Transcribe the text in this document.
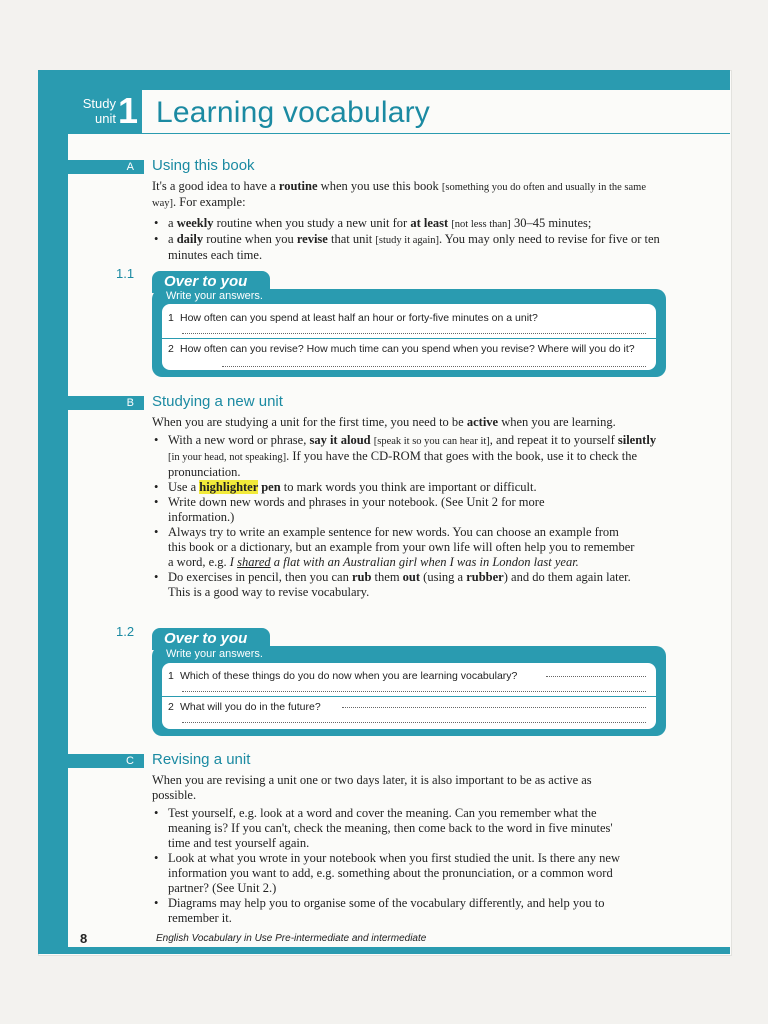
Study
unit 1 Learning vocabulary
A	Using this book

It's a good idea to have a routine when you use this book [something you do often and usually in the same way]. For example:

• a weekly routine when you study a new unit for at least [not less than] 30–45 minutes;
• a daily routine when you revise that unit [study it again]. You may only need to revise for five or ten minutes each time.
1.1	Over to you
Write your answers.
1 How often can you spend at least half an hour or forty-five minutes on a unit?
2 How often can you revise? How much time can you spend when you revise? Where will you do it?
B	Studying a new unit

When you are studying a unit for the first time, you need to be active when you are learning.

• With a new word or phrase, say it aloud [speak it so you can hear it], and repeat it to yourself silently [in your head, not speaking]. If you have the CD-ROM that goes with the book, use it to check the pronunciation.
• Use a highlighter pen to mark words you think are important or difficult.
• Write down new words and phrases in your notebook. (See Unit 2 for more information.)
• Always try to write an example sentence for new words. You can choose an example from this book or a dictionary, but an example from your own life will often help you to remember a word, e.g. I shared a flat with an Australian girl when I was in London last year.
• Do exercises in pencil, then you can rub them out (using a rubber) and do them again later. This is a good way to revise vocabulary.
1.2	Over to you
Write your answers.
1 Which of these things do you do now when you are learning vocabulary?
2 What will you do in the future?
C	Revising a unit

When you are revising a unit one or two days later, it is also important to be as active as possible.

• Test yourself, e.g. look at a word and cover the meaning. Can you remember what the meaning is? If you can't, check the meaning, then come back to the word in five minutes' time and test yourself again.
• Look at what you wrote in your notebook when you first studied the unit. Is there any new information you want to add, e.g. something about the pronunciation, or a common word partner? (See Unit 2.)
• Diagrams may help you to organise some of the vocabulary differently, and help you to remember it.
8	English Vocabulary in Use Pre-intermediate and intermediate
